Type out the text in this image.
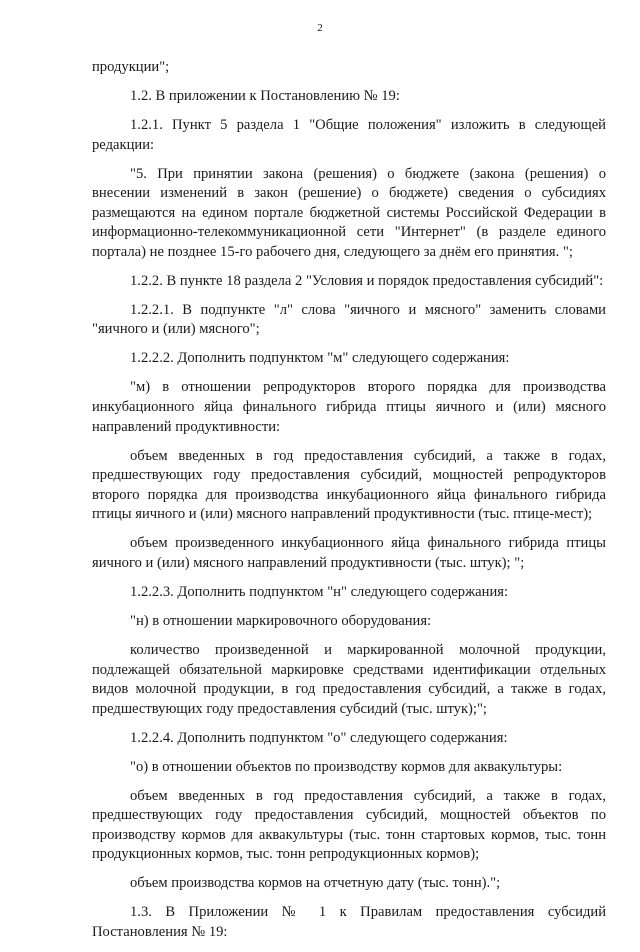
2

продукции";

1.2. В приложении к Постановлению № 19:

1.2.1. Пункт 5 раздела 1 "Общие положения" изложить в следующей редакции:

"5. При принятии закона (решения) о бюджете (закона (решения) о внесении изменений в закон (решение) о бюджете) сведения о субсидиях размещаются на едином портале бюджетной системы Российской Федерации в информационно-телекоммуникационной сети "Интернет" (в разделе единого портала) не позднее 15-го рабочего дня, следующего за днём его принятия. ";

1.2.2. В пункте 18 раздела 2 "Условия и порядок предоставления субсидий":

1.2.2.1. В подпункте "л" слова "яичного и мясного" заменить словами "яичного и (или) мясного";

1.2.2.2. Дополнить подпунктом "м" следующего содержания:

"м) в отношении репродукторов второго порядка для производства инкубационного яйца финального гибрида птицы яичного и (или) мясного направлений продуктивности:

объем введенных в год предоставления субсидий, а также в годах, предшествующих году предоставления субсидий, мощностей репродукторов второго порядка для производства инкубационного яйца финального гибрида птицы яичного и (или) мясного направлений продуктивности (тыс. птице-мест);

объем произведенного инкубационного яйца финального гибрида птицы яичного и (или) мясного направлений продуктивности (тыс. штук); ";

1.2.2.3. Дополнить подпунктом "н" следующего содержания:

"н) в отношении маркировочного оборудования:

количество произведенной и маркированной молочной продукции, подлежащей обязательной маркировке средствами идентификации отдельных видов молочной продукции, в год предоставления субсидий, а также в годах, предшествующих году предоставления субсидий (тыс. штук);";

1.2.2.4. Дополнить подпунктом "о" следующего содержания:

"о) в отношении объектов по производству кормов для аквакультуры:

объем введенных в год предоставления субсидий, а также в годах, предшествующих году предоставления субсидий, мощностей объектов по производству кормов для аквакультуры (тыс. тонн стартовых кормов, тыс. тонн продукционных кормов, тыс. тонн репродукционных кормов);

объем производства кормов на отчетную дату (тыс. тонн).";

1.3. В Приложении № 1 к Правилам предоставления субсидий Постановления № 19:
